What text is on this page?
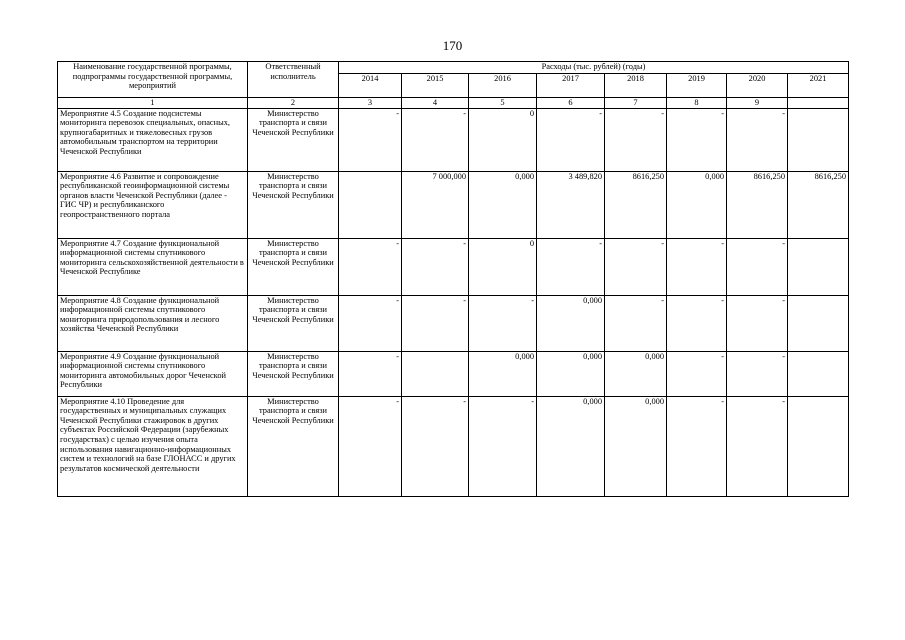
170
Наименование государственной программы, подпрограммы государственной программы, мероприятий	Ответственный исполнитель	Расходы (тыс. рублей) (годы)							
		2014	2015	2016	2017	2018	2019	2020	2021
1	2	3	4	5	6	7	8	9	
Мероприятие 4.5 Создание подсистемы мониторинга перевозок специальных, опасных, крупногабаритных и тяжеловесных грузов автомобильным транспортом на территории Чеченской Республики	Министерство транспорта и связи Чеченской Республики	-	-	0	-	-	-	-	
Мероприятие 4.6 Развитие и сопровождение республиканской геоинформационной системы органов власти Чеченской Республики (далее - ГИС ЧР) и республиканского геопространственного портала	Министерство транспорта и связи Чеченской Республики		7 000,000	0,000	3 489,820	8616,250	0,000	8616,250	8616,250
Мероприятие 4.7 Создание функциональной информационной системы спутникового мониторинга сельскохозяйственной деятельности в Чеченской Республике	Министерство транспорта и связи Чеченской Республики	-	-	0	-	-	-	-	
Мероприятие 4.8 Создание функциональной информационной системы спутникового мониторинга природопользования и лесного хозяйства Чеченской Республики	Министерство транспорта и связи Чеченской Республики	-	-	-	0,000	-	-	-	
Мероприятие 4.9 Создание функциональной информационной системы спутникового мониторинга автомобильных дорог Чеченской Республики	Министерство транспорта и связи Чеченской Республики	-		0,000	0,000	0,000	-	-	
Мероприятие 4.10 Проведение для государственных и муниципальных служащих Чеченской Республики стажировок в других субъектах Российской Федерации (зарубежных государствах) с целью изучения опыта использования навигационно-информационных систем и технологий на базе ГЛОНАСС и других результатов космической деятельности	Министерство транспорта и связи Чеченской Республики	-	-	-	0,000	0,000	-	-	
